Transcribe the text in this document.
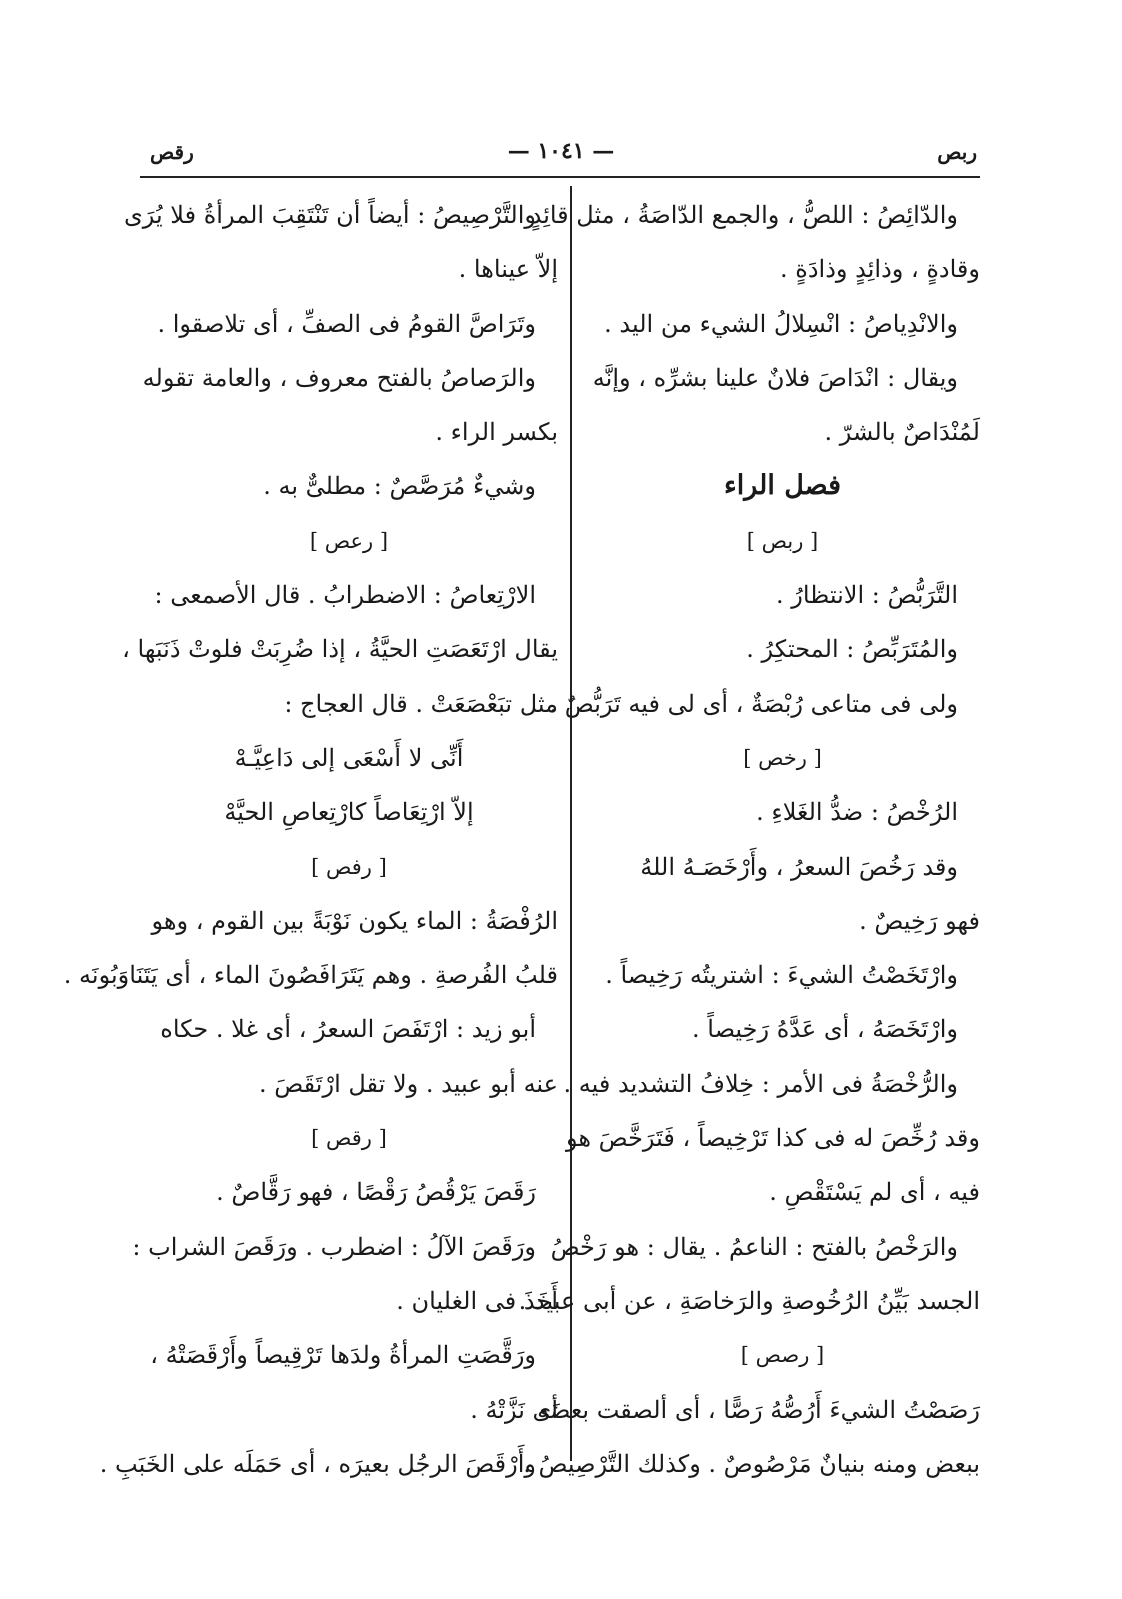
ربص
— ١٠٤١ —
رقص
والدّائِصُ : اللصُّ ، والجمع الدّاصَةُ ، مثل قائِدٍ
وقادةٍ ، وذائِدٍ وذادَةٍ .
والانْدِياصُ : انْسِلالُ الشيء من اليد .
ويقال : انْدَاصَ فلانٌ علينا بشرِّه ، وإنَّه
لَمُنْدَاصٌ بالشرّ .
فصل الراء
[ ربص ]
التَّرَبُّصُ : الانتظارُ .
والمُتَرَبِّصُ : المحتكِرُ .
ولى فى متاعى رُبْصَةٌ ، أى لى فيه تَرَبُّصٌ .
[ رخص ]
الرُخْصُ : ضدُّ الغَلاءِ .
وقد رَخُصَ السعرُ ، وأَرْخَصَـهُ اللهُ
فهو رَخِيصٌ .
وارْتَخَصْتُ الشيءَ : اشتريتُه رَخِيصاً .
وارْتَخَصَهُ ، أى عَدَّهُ رَخِيصاً .
والرُّخْصَةُ فى الأمر : خِلافُ التشديد فيه .
وقد رُخِّصَ له فى كذا تَرْخِيصاً ، فَتَرَخَّصَ هو
فيه ، أى لم يَسْتَقْصِ .
والرَخْصُ بالفتح : الناعمُ . يقال : هو رَخْصُ
الجسد بَيِّنُ الرُخُوصةِ والرَخاصَةِ ، عن أبى عبيد .
[ رصص ]
رَصَصْتُ الشيءَ أَرُصُّهُ رَصًّا ، أى ألصقت بعضَه
ببعض ومنه بنيانٌ مَرْصُوصٌ . وكذلك التَّرْصِيصُ .
والتَّرْصِيصُ : أيضاً أن تَنْتَقِبَ المرأةُ فلا يُرَى
إلاّ عيناها .
وتَرَاصَّ القومُ فى الصفِّ ، أى تلاصقوا .
والرَصاصُ بالفتح معروف ، والعامة تقوله
بكسر الراء .
وشيءٌ مُرَصَّصٌ : مطلىٌّ به .
[ رعص ]
الارْتِعاصُ : الاضطرابُ . قال الأصمعى :
يقال ارْتَعَصَتِ الحيَّةُ ، إذا ضُرِبَتْ فلوتْ ذَنَبَها ،
مثل تبَعْصَعَتْ . قال العجاج :
أَنِّى لا أَسْعَى إلى دَاعِيَّـهْ
إلاّ ارْتِعَاصاً كارْتِعاصِ الحيَّهْ
[ رفص ]
الرُفْصَةُ : الماء يكون نَوْبَةً بين القوم ، وهو
قلبُ الفُرصةِ . وهم يَتَرَافَصُونَ الماء ، أى يَتَنَاوَبُونَه .
أبو زيد : ارْتَفَصَ السعرُ ، أى غلا . حكاه
عنه أبو عبيد . ولا تقل ارْتَقَصَ .
[ رقص ]
رَقَصَ يَرْقُصُ رَقْصًا ، فهو رَقَّاصٌ .
ورَقَصَ الآلُ : اضطرب . ورَقَصَ الشراب :
أَخَذَ فى الغليان .
ورَقَّصَتِ المرأةُ ولدَها تَرْقِيصاً وأَرْقَصَتْهُ ،
أى نَزَّتْهُ .
وأَرْقَصَ الرجُل بعيرَه ، أى حَمَلَه على الخَبَبِ .
